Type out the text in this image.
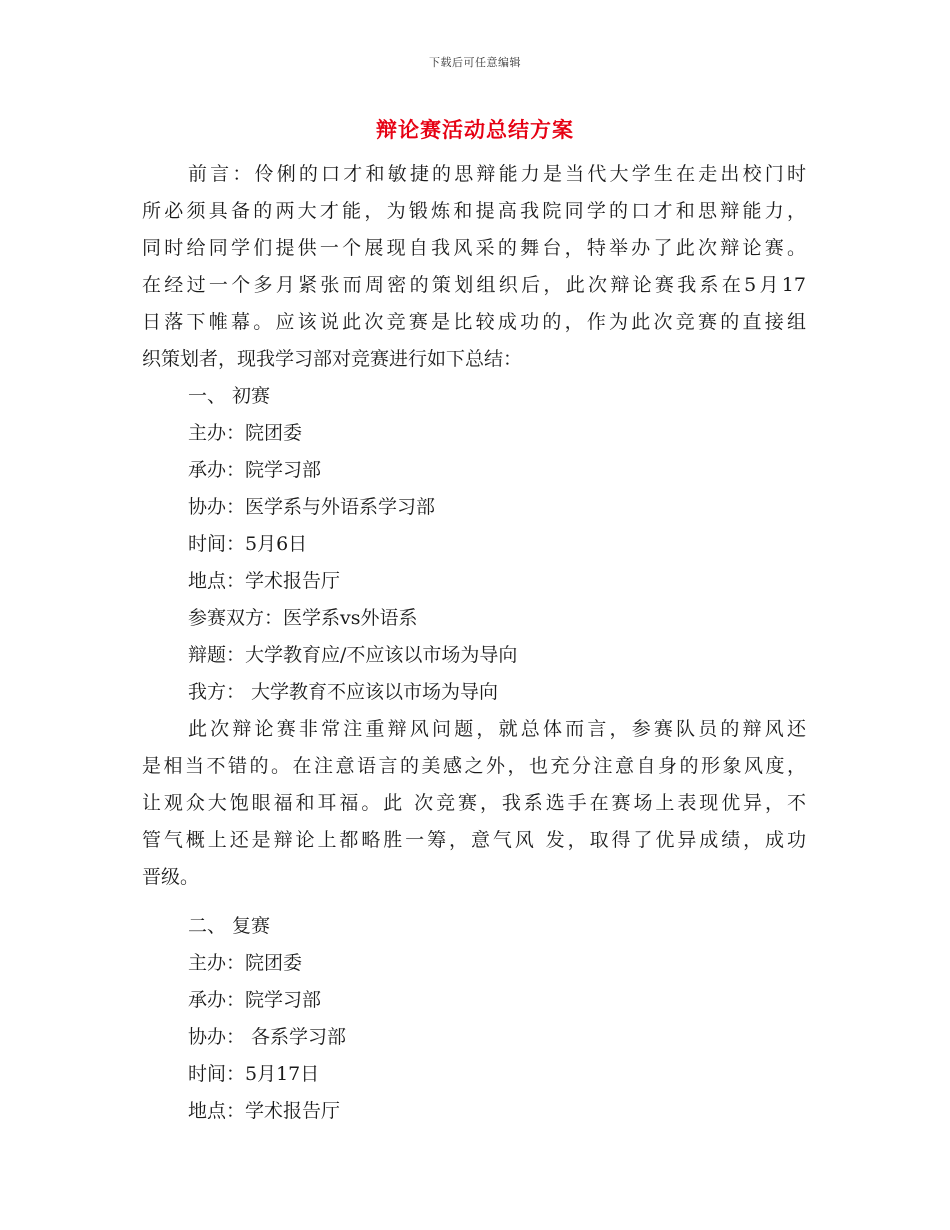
下载后可任意编辑
辩论赛活动总结方案
前言：伶俐的口才和敏捷的思辩能力是当代大学生在走出校门时
所必须具备的两大才能，为锻炼和提高我院同学的口才和思辩能力，
同时给同学们提供一个展现自我风采的舞台，特举办了此次辩论赛。
在经过一个多月紧张而周密的策划组织后，此次辩论赛我系在5月17
日落下帷幕。应该说此次竞赛是比较成功的，作为此次竞赛的直接组
织策划者，现我学习部对竞赛进行如下总结：
一、 初赛
主办：院团委
承办：院学习部
协办：医学系与外语系学习部
时间：5月6日
地点：学术报告厅
参赛双方：医学系vs外语系
辩题：大学教育应/不应该以市场为导向
我方： 大学教育不应该以市场为导向
此次辩论赛非常注重辩风问题，就总体而言，参赛队员的辩风还
是相当不错的。在注意语言的美感之外，也充分注意自身的形象风度，
让观众大饱眼福和耳福。此 次竞赛，我系选手在赛场上表现优异，不
管气概上还是辩论上都略胜一筹，意气风 发，取得了优异成绩，成功
晋级。
二、 复赛
主办：院团委
承办：院学习部
协办： 各系学习部
时间：5月17日
地点：学术报告厅
